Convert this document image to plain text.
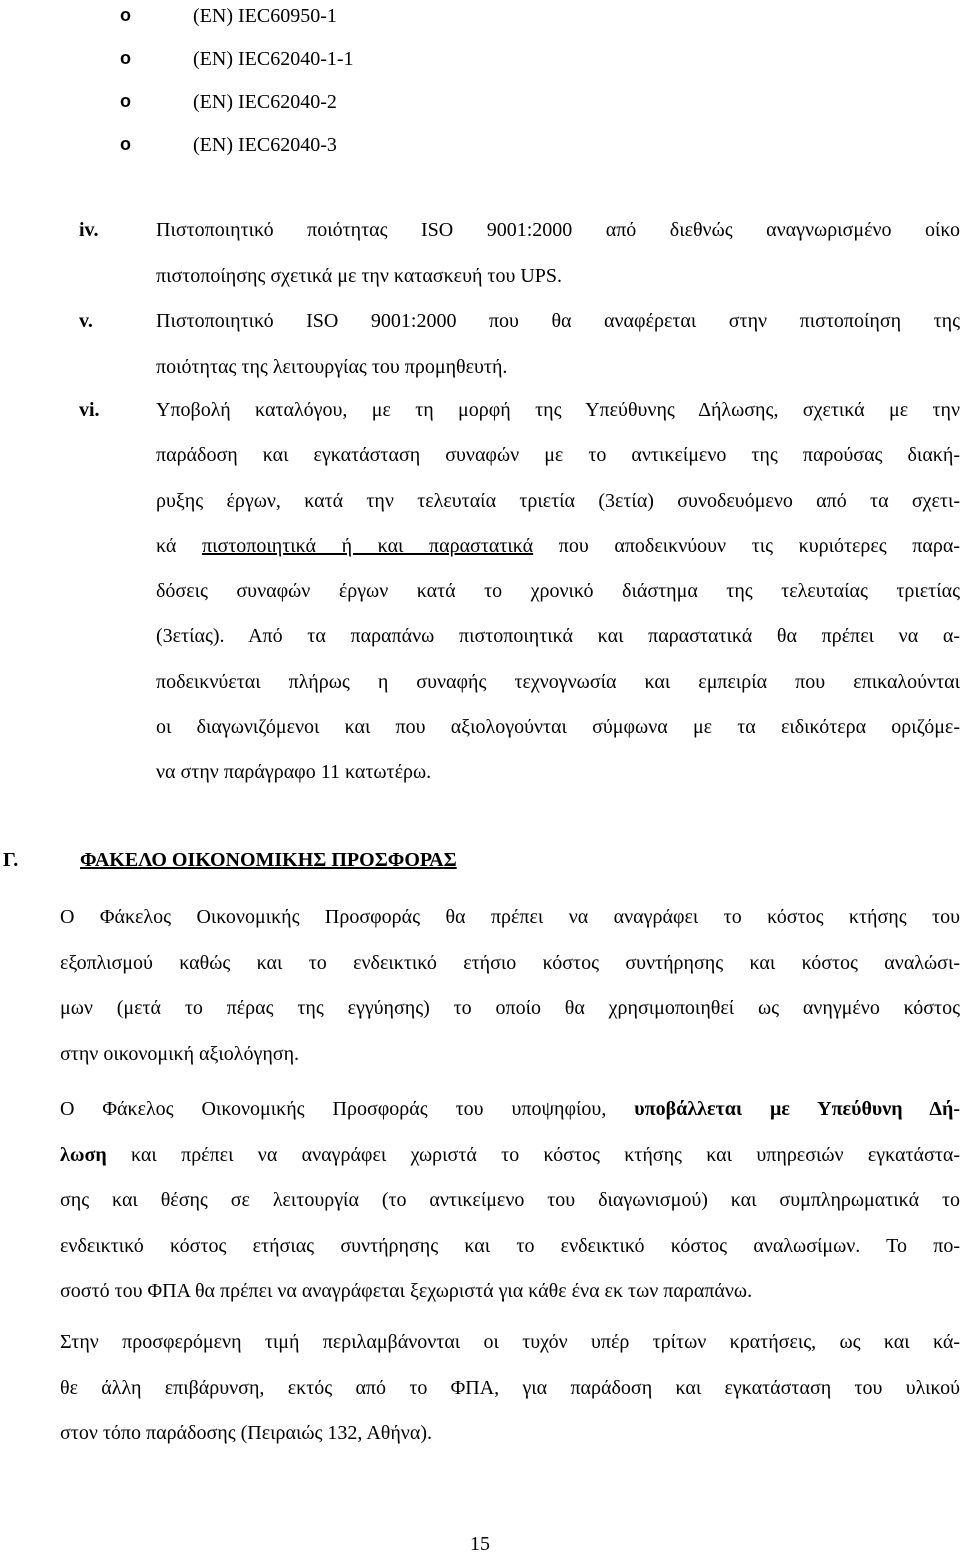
o	(EN) IEC60950-1
o	(EN) IEC62040-1-1
o	(EN) IEC62040-2
o	(EN) IEC62040-3
iv.	Πιστοποιητικό ποιότητας ISO 9001:2000 από διεθνώς αναγνωρισμένο οίκο
πιστοποίησης σχετικά με την κατασκευή του UPS.
v.	Πιστοποιητικό ISO 9001:2000 που θα αναφέρεται στην πιστοποίηση της
ποιότητας της λειτουργίας του προμηθευτή.
vi.	Υποβολή καταλόγου, με τη μορφή της Υπεύθυνης Δήλωσης, σχετικά με την
παράδοση και εγκατάσταση συναφών με το αντικείμενο της παρούσας διακή-
ρυξης έργων, κατά την τελευταία τριετία (3ετία) συνοδευόμενο από τα σχετι-
κά πιστοποιητικά ή και παραστατικά που αποδεικνύουν τις κυριότερες παρα-
δόσεις συναφών έργων κατά το χρονικό διάστημα της τελευταίας τριετίας
(3ετίας). Από τα παραπάνω πιστοποιητικά και παραστατικά θα πρέπει να α-
ποδεικνύεται πλήρως η συναφής τεχνογνωσία και εμπειρία που επικαλούνται
οι διαγωνιζόμενοι και που αξιολογούνται σύμφωνα με τα ειδικότερα οριζόμε-
να στην παράγραφο 11 κατωτέρω.
Γ.	ΦΑΚΕΛΟ ΟΙΚΟΝΟΜΙΚΗΣ ΠΡΟΣΦΟΡΑΣ
Ο Φάκελος Οικονομικής Προσφοράς θα πρέπει να αναγράφει το κόστος κτήσης του
εξοπλισμού καθώς και το ενδεικτικό ετήσιο κόστος συντήρησης και κόστος αναλώσι-
μων (μετά το πέρας της εγγύησης) το οποίο θα χρησιμοποιηθεί ως ανηγμένο κόστος
στην οικονομική αξιολόγηση.
Ο Φάκελος Οικονομικής Προσφοράς του υποψηφίου, υποβάλλεται με Υπεύθυνη Δή-
λωση και πρέπει να αναγράφει χωριστά το κόστος κτήσης και υπηρεσιών εγκατάστα-
σης και θέσης σε λειτουργία (το αντικείμενο του διαγωνισμού) και συμπληρωματικά το
ενδεικτικό κόστος ετήσιας συντήρησης και το ενδεικτικό κόστος αναλωσίμων. Το πο-
σοστό του ΦΠΑ θα πρέπει να αναγράφεται ξεχωριστά για κάθε ένα εκ των παραπάνω.
Στην προσφερόμενη τιμή περιλαμβάνονται οι τυχόν υπέρ τρίτων κρατήσεις, ως και κά-
θε άλλη επιβάρυνση, εκτός από το ΦΠΑ, για παράδοση και εγκατάσταση του υλικού
στον τόπο παράδοσης (Πειραιώς 132, Αθήνα).
15
